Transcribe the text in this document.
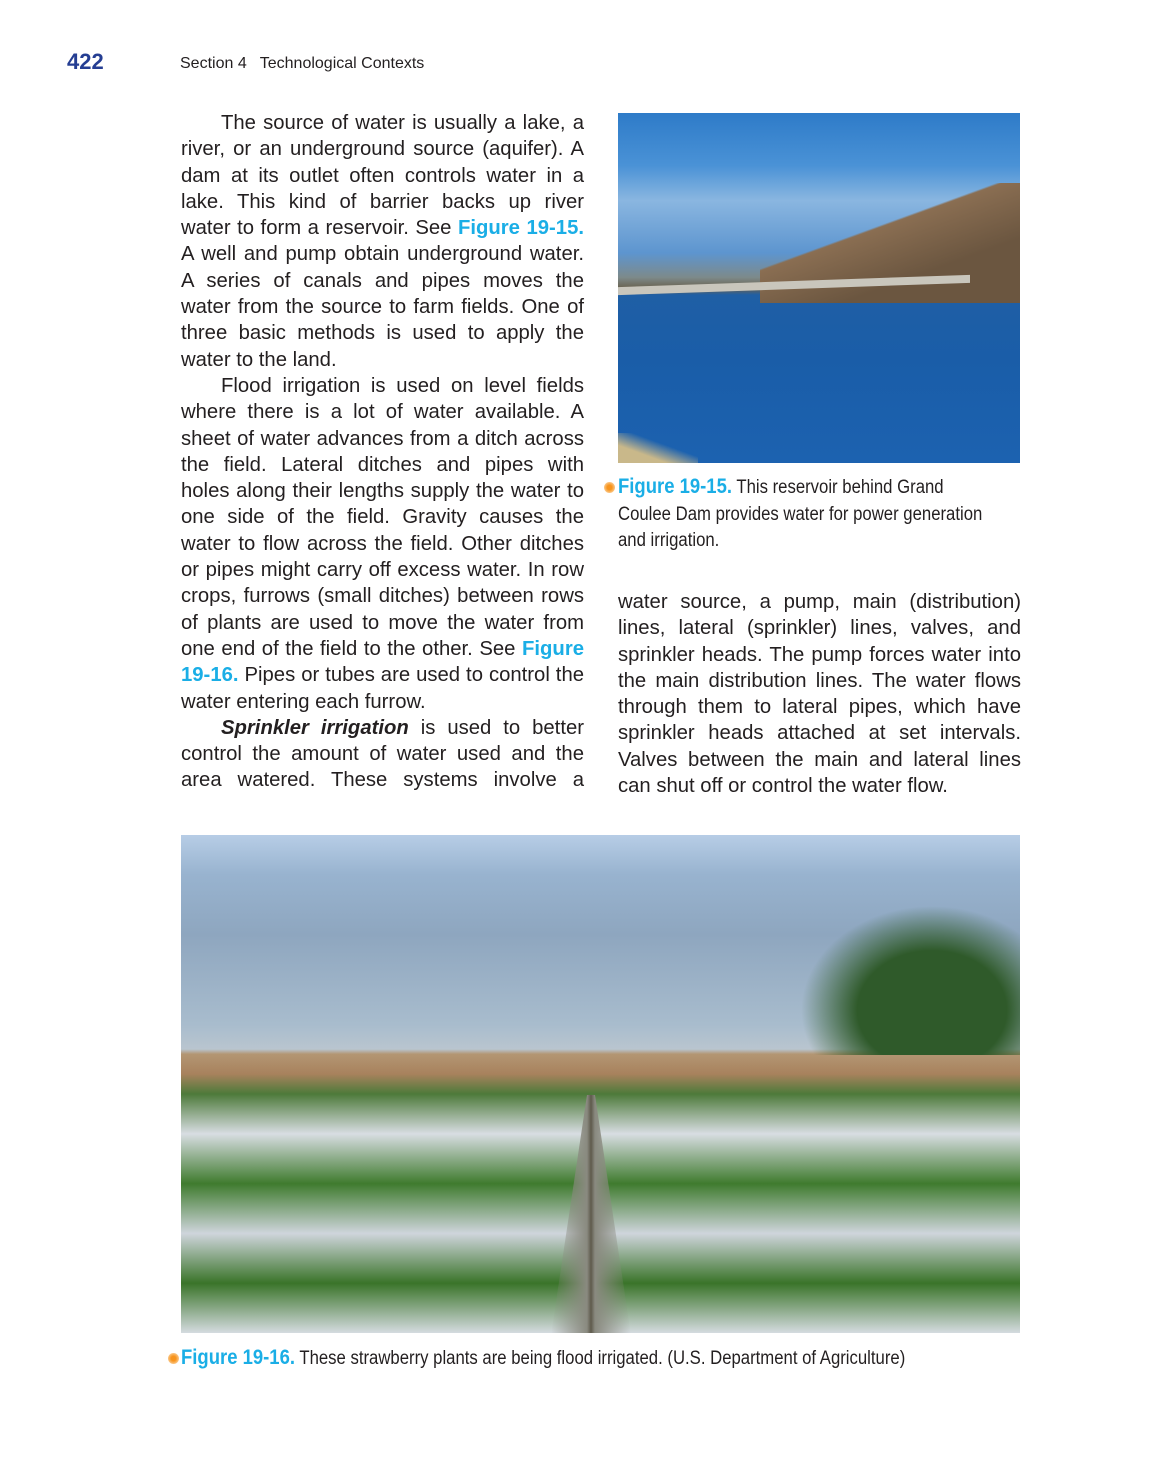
422	Section 4   Technological Contexts

The source of water is usually a lake, a river, or an underground source (aquifer). A dam at its outlet often controls water in a lake. This kind of barrier backs up river water to form a reservoir. See Figure 19-15. A well and pump obtain underground water. A series of canals and pipes moves the water from the source to farm fields. One of three basic methods is used to apply the water to the land.

Flood irrigation is used on level fields where there is a lot of water available. A sheet of water advances from a ditch across the field. Lateral ditches and pipes with holes along their lengths supply the water to one side of the field. Gravity causes the water to flow across the field. Other ditches or pipes might carry off excess water. In row crops, furrows (small ditches) between rows of plants are used to move the water from one end of the field to the other. See Figure 19-16. Pipes or tubes are used to control the water entering each furrow.

Sprinkler irrigation is used to better control the amount of water used and the area watered. These systems involve a

Figure 19-15. This reservoir behind Grand
Coulee Dam provides water for power generation
and irrigation.

water source, a pump, main (distribution) lines, lateral (sprinkler) lines, valves, and sprinkler heads. The pump forces water into the main distribution lines. The water flows through them to lateral pipes, which have sprinkler heads attached at set intervals. Valves between the main and lateral lines can shut off or control the water flow.

Figure 19-16. These strawberry plants are being flood irrigated. (U.S. Department of Agriculture)
